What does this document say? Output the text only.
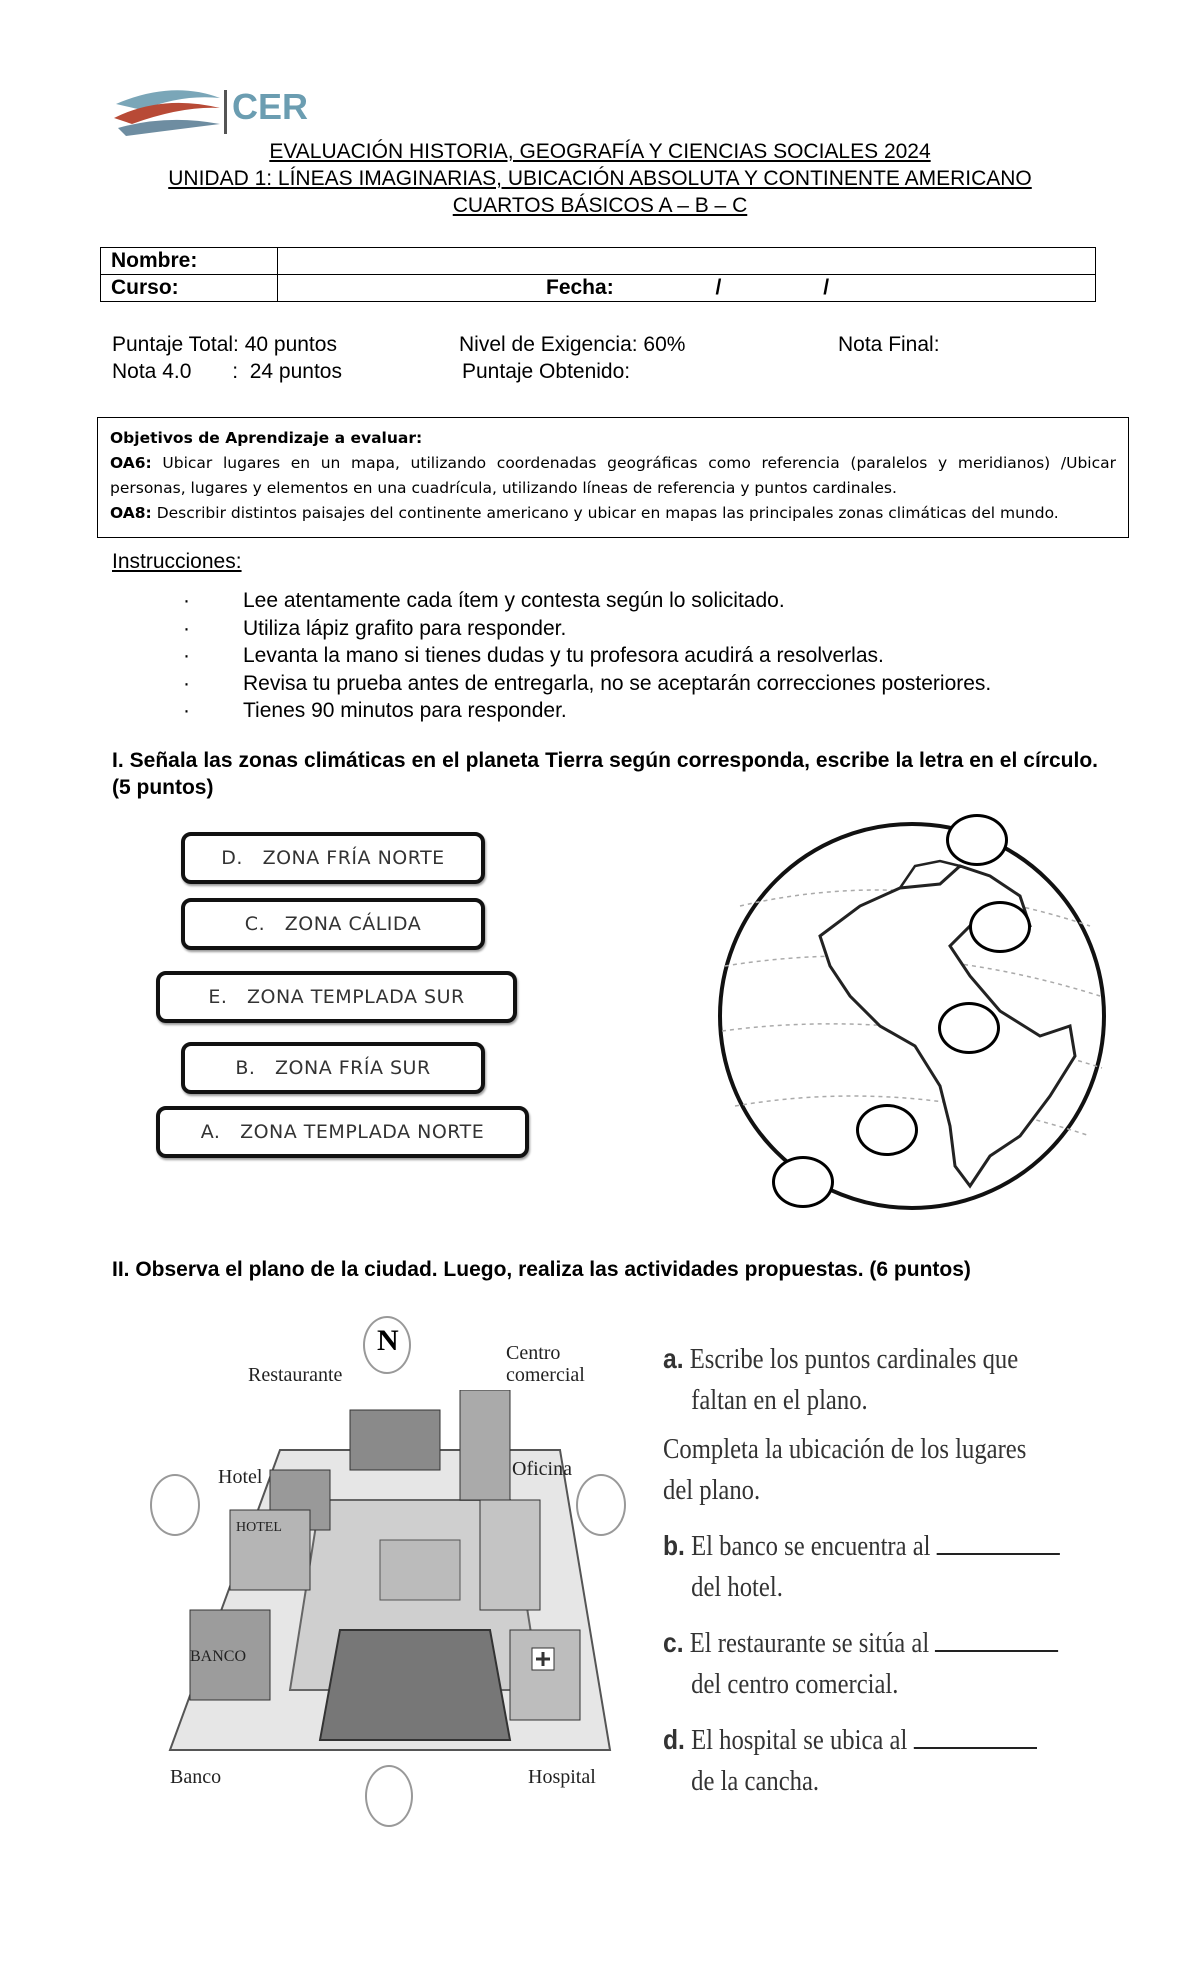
CER
EVALUACIÓN HISTORIA, GEOGRAFÍA Y CIENCIAS SOCIALES 2024
UNIDAD 1: LÍNEAS IMAGINARIAS, UBICACIÓN ABSOLUTA Y CONTINENTE AMERICANO
CUARTOS BÁSICOS A – B – C
Nombre:	
Curso:	Fecha: / /
Puntaje Total: 40 puntos	Nivel de Exigencia: 60%	Nota Final:
Nota 4.0       :  24 puntos	Puntaje Obtenido:
Objetivos de Aprendizaje a evaluar:
OA6: Ubicar lugares en un mapa, utilizando coordenadas geográficas como referencia (paralelos y meridianos) /Ubicar personas, lugares y elementos en una cuadrícula, utilizando líneas de referencia y puntos cardinales.
OA8: Describir distintos paisajes del continente americano y ubicar en mapas las principales zonas climáticas del mundo.
Instrucciones:
·	Lee atentamente cada ítem y contesta según lo solicitado.
·	Utiliza lápiz grafito para responder.
·	Levanta la mano si tienes dudas y tu profesora acudirá a resolverlas.
·	Revisa tu prueba antes de entregarla, no se aceptarán correcciones posteriores.
·	Tienes 90 minutos para responder.
I. Señala las zonas climáticas en el planeta Tierra según corresponda, escribe la letra en el círculo. (5 puntos)
D.   ZONA FRÍA NORTE
C.   ZONA CÁLIDA
E.   ZONA TEMPLADA SUR
B.   ZONA FRÍA SUR
A.   ZONA TEMPLADA NORTE
II. Observa el plano de la ciudad. Luego, realiza las actividades propuestas. (6 puntos)
HOTEL
BANCO
N
Restaurante
Centro
comercial
Hotel	Oficina
Banco	Hospital
a. Escribe los puntos cardinales que
faltan en el plano.
Completa la ubicación de los lugares
del plano.
b. El banco se encuentra al
del hotel.
c. El restaurante se sitúa al
del centro comercial.
d. El hospital se ubica al
de la cancha.
